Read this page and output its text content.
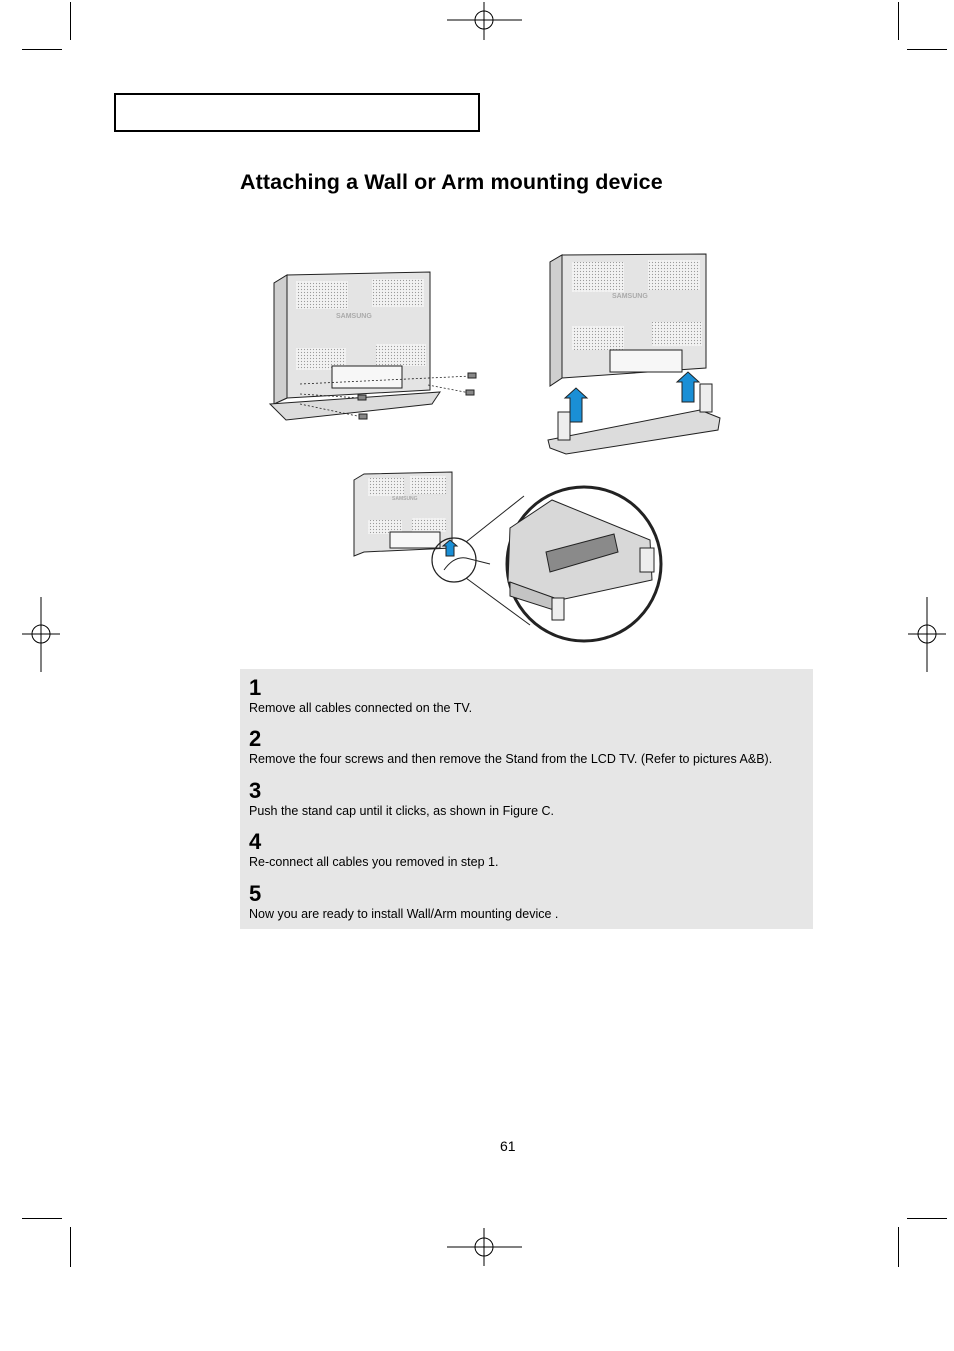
Attaching a Wall or Arm mounting device
SAMSUNG
SAMSUNG
SAMSUNG
1
Remove all cables connected on the TV.
2
Remove the four screws and then remove the Stand from the LCD TV. (Refer to pictures A&B).
3
Push the stand cap until it clicks, as shown in Figure C.
4
Re-connect all cables you removed in step 1.
5
Now you are ready to install Wall/Arm mounting device .
61
